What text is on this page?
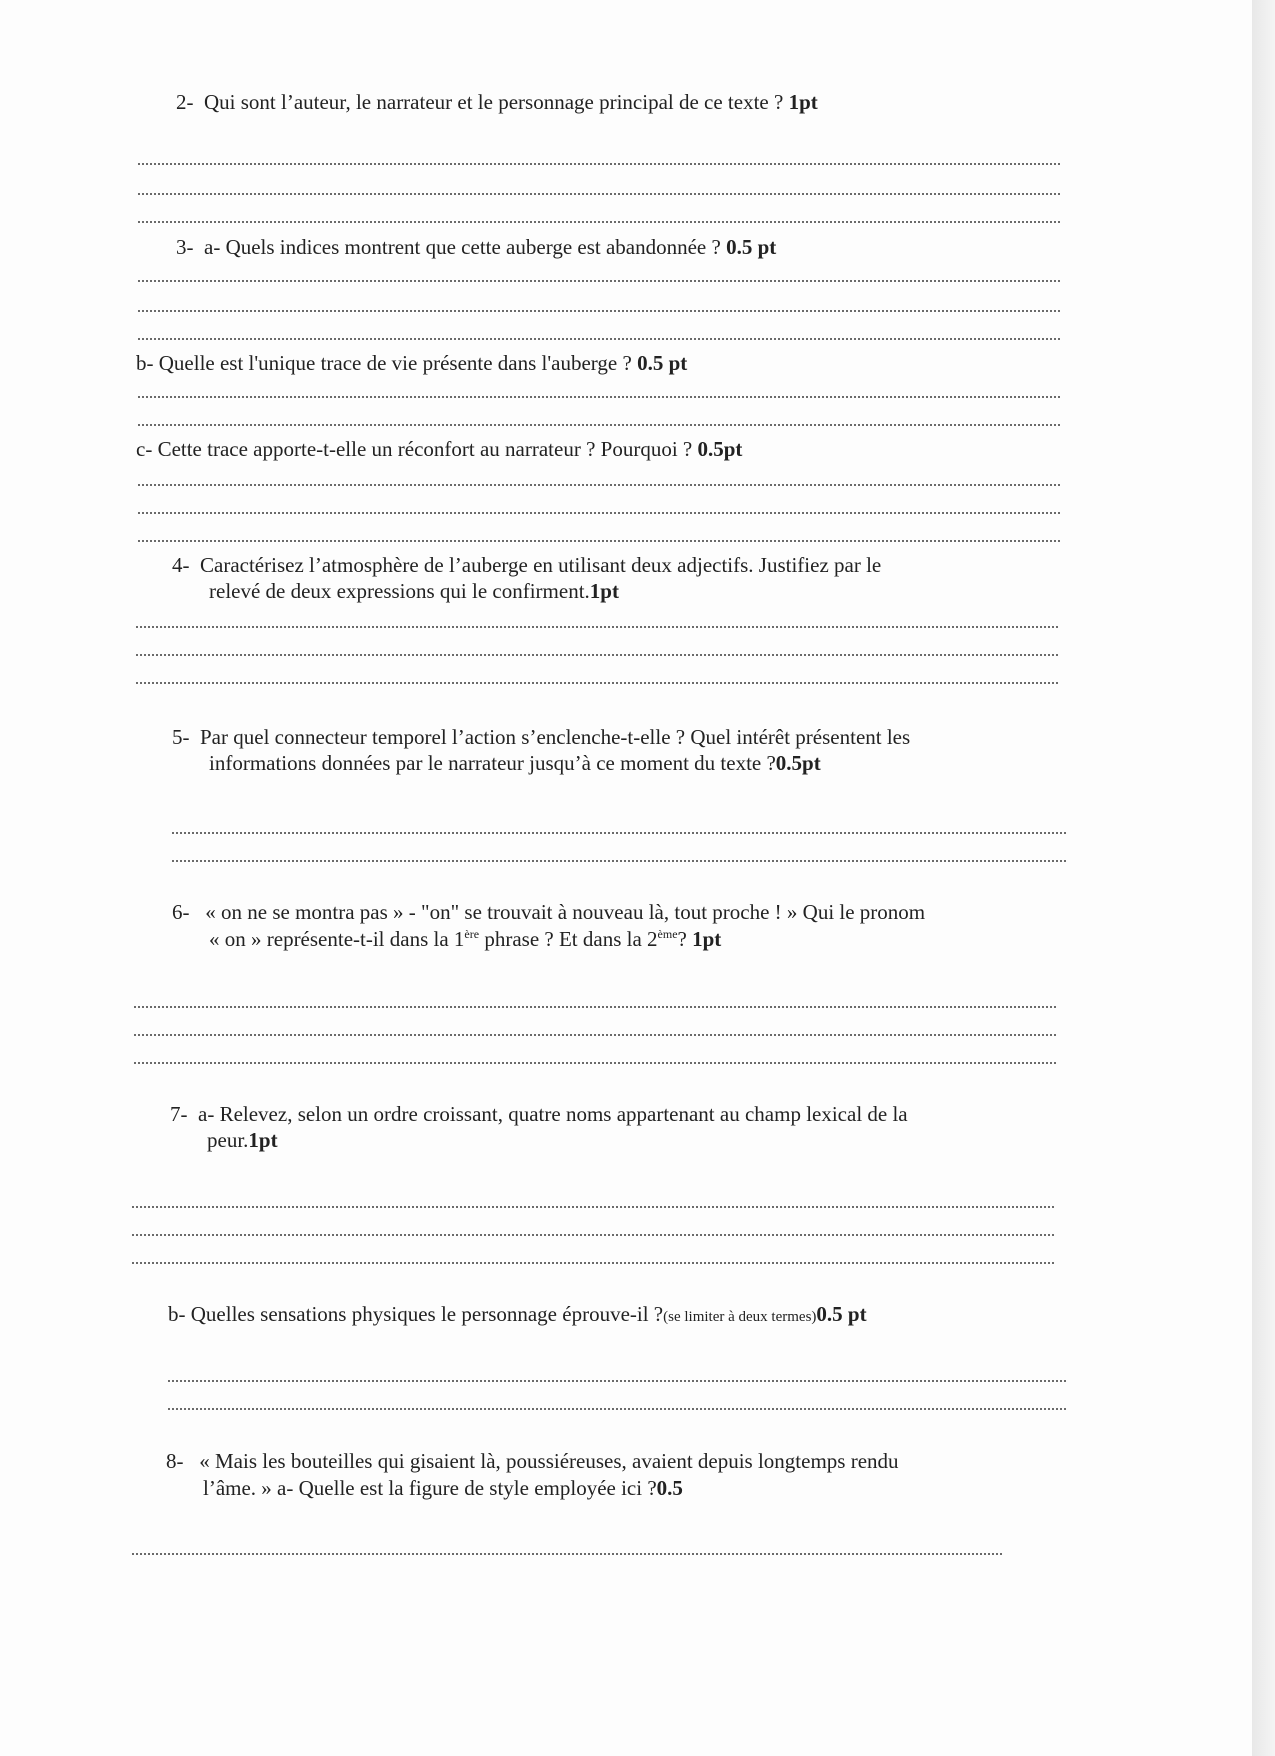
2- Qui sont l’auteur, le narrateur et le personnage principal de ce texte ? 1pt
3- a- Quels indices montrent que cette auberge est abandonnée ? 0.5 pt
b- Quelle est l'unique trace de vie présente dans l'auberge ? 0.5 pt
c- Cette trace apporte-t-elle un réconfort au narrateur ? Pourquoi ? 0.5pt
4- Caractérisez l’atmosphère de l’auberge en utilisant deux adjectifs. Justifiez par le
relevé de deux expressions qui le confirment.1pt
5- Par quel connecteur temporel l’action s’enclenche-t-elle ? Quel intérêt présentent les
informations données par le narrateur jusqu’à ce moment du texte ?0.5pt
6- « on ne se montra pas » - "on" se trouvait à nouveau là, tout proche ! » Qui le pronom
« on » représente-t-il dans la 1ère phrase ? Et dans la 2ème? 1pt
7- a- Relevez, selon un ordre croissant, quatre noms appartenant au champ lexical de la
peur.1pt
b- Quelles sensations physiques le personnage éprouve-il ?(se limiter à deux termes)0.5 pt
8- « Mais les bouteilles qui gisaient là, poussiéreuses, avaient depuis longtemps rendu
l’âme. » a- Quelle est la figure de style employée ici ?0.5
